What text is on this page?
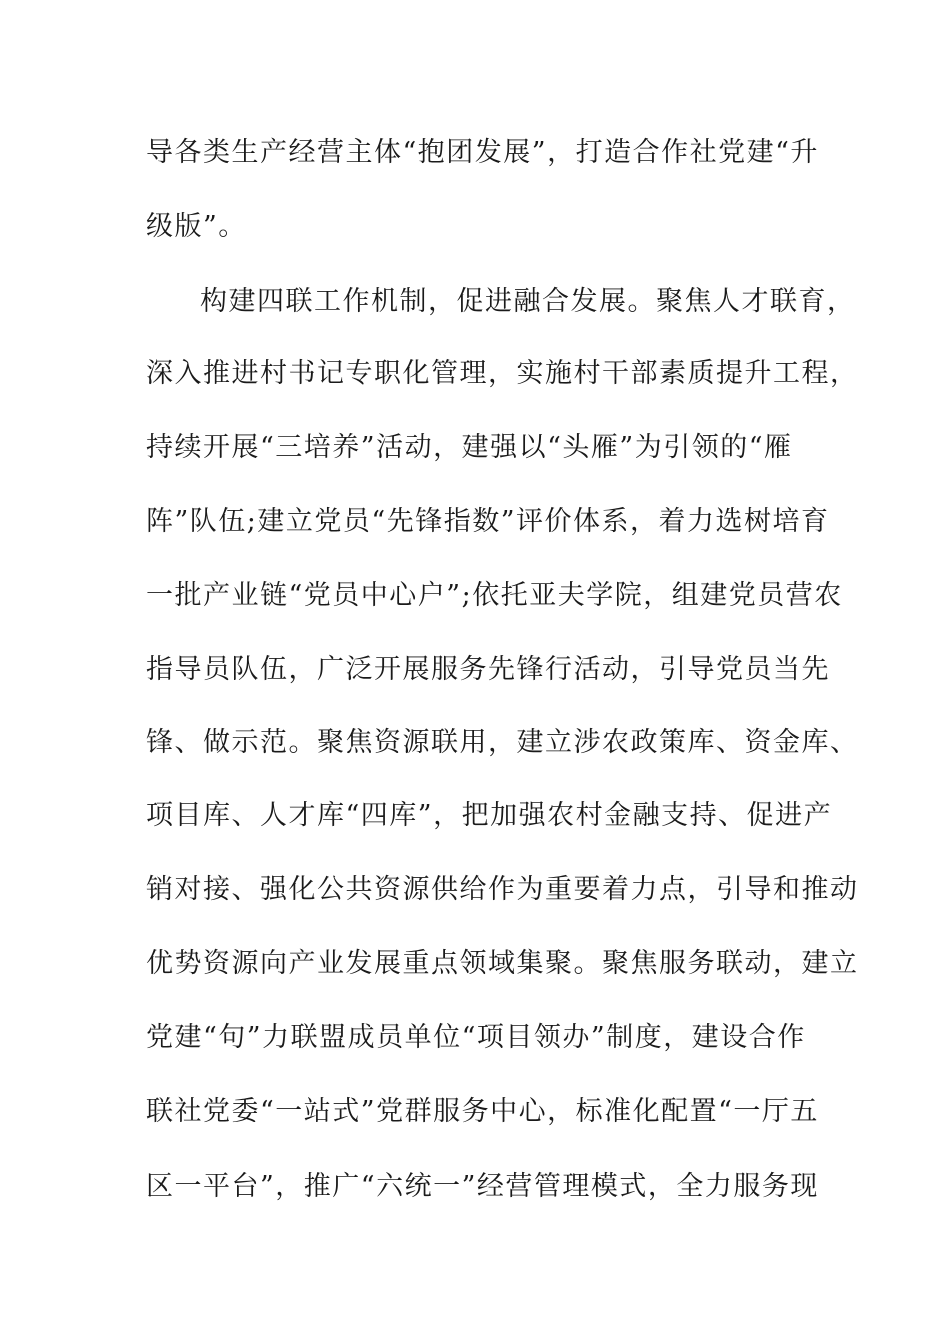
导各类生产经营主体“抱团发展”，打造合作社党建“升
级版”。
构建四联工作机制，促进融合发展。聚焦人才联育，
深入推进村书记专职化管理，实施村干部素质提升工程，
持续开展“三培养”活动，建强以“头雁”为引领的“雁
阵”队伍;建立党员“先锋指数”评价体系，着力选树培育
一批产业链“党员中心户”;依托亚夫学院，组建党员营农
指导员队伍，广泛开展服务先锋行活动，引导党员当先
锋、做示范。聚焦资源联用，建立涉农政策库、资金库、
项目库、人才库“四库”，把加强农村金融支持、促进产
销对接、强化公共资源供给作为重要着力点，引导和推动
优势资源向产业发展重点领域集聚。聚焦服务联动，建立
党建“句”力联盟成员单位“项目领办”制度，建设合作
联社党委“一站式”党群服务中心，标准化配置“一厅五
区一平台”，推广“六统一”经营管理模式，全力服务现
